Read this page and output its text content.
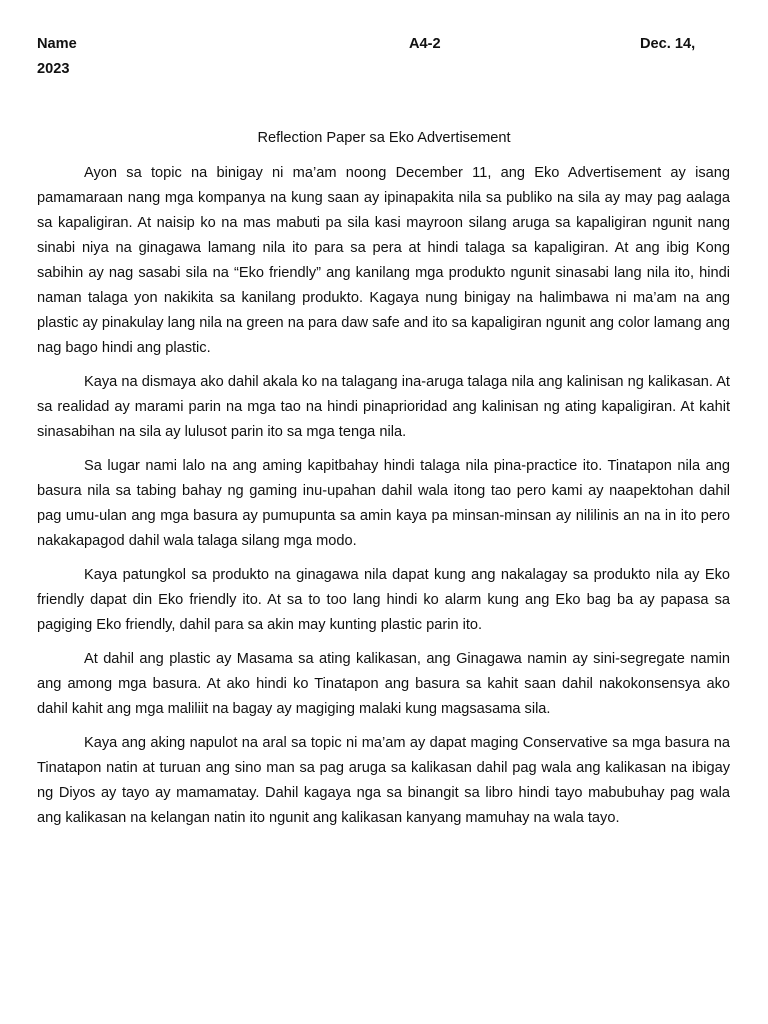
Name	A4-2	Dec. 14,
2023
Reflection Paper sa Eko Advertisement

Ayon sa topic na binigay ni ma’am noong December 11, ang Eko Advertisement ay isang pamamaraan nang mga kompanya na kung saan ay ipinapakita nila sa publiko na sila ay may pag aalaga sa kapaligiran. At naisip ko na mas mabuti pa sila kasi mayroon silang aruga sa kapaligiran ngunit nang sinabi niya na ginagawa lamang nila ito para sa pera at hindi talaga sa kapaligiran. At ang ibig Kong sabihin ay nag sasabi sila na “Eko friendly” ang kanilang mga produkto ngunit sinasabi lang nila ito, hindi naman talaga yon nakikita sa kanilang produkto. Kagaya nung binigay na halimbawa ni ma’am na ang plastic ay pinakulay lang nila na green na para daw safe and ito sa kapaligiran ngunit ang color lamang ang nag bago hindi ang plastic.

Kaya na dismaya ako dahil akala ko na talagang ina-aruga talaga nila ang kalinisan ng kalikasan. At sa realidad ay marami parin na mga tao na hindi pinaprioridad ang kalinisan ng ating kapaligiran. At kahit sinasabihan na sila ay lulusot parin ito sa mga tenga nila.

Sa lugar nami lalo na ang aming kapitbahay hindi talaga nila pina-practice ito. Tinatapon nila ang basura nila sa tabing bahay ng gaming inu-upahan dahil wala itong tao pero kami ay naapektohan dahil pag umu-ulan ang mga basura ay pumupunta sa amin kaya pa minsan-minsan ay nililinis an na in ito pero nakakapagod dahil wala talaga silang mga modo.

Kaya patungkol sa produkto na ginagawa nila dapat kung ang nakalagay sa produkto nila ay Eko friendly dapat din Eko friendly ito. At sa to too lang hindi ko alarm kung ang Eko bag ba ay papasa sa pagiging Eko friendly, dahil para sa akin may kunting plastic parin ito.

At dahil ang plastic ay Masama sa ating kalikasan, ang Ginagawa namin ay sini-segregate namin ang among mga basura. At ako hindi ko Tinatapon ang basura sa kahit saan dahil nakokonsensya ako dahil kahit ang mga maliliit na bagay ay magiging malaki kung magsasama sila.

Kaya ang aking napulot na aral sa topic ni ma’am ay dapat maging Conservative sa mga basura na Tinatapon natin at turuan ang sino man sa pag aruga sa kalikasan dahil pag wala ang kalikasan na ibigay ng Diyos ay tayo ay mamamatay. Dahil kagaya nga sa binangit sa libro hindi tayo mabubuhay pag wala ang kalikasan na kelangan natin ito ngunit ang kalikasan kanyang mamuhay na wala tayo.
